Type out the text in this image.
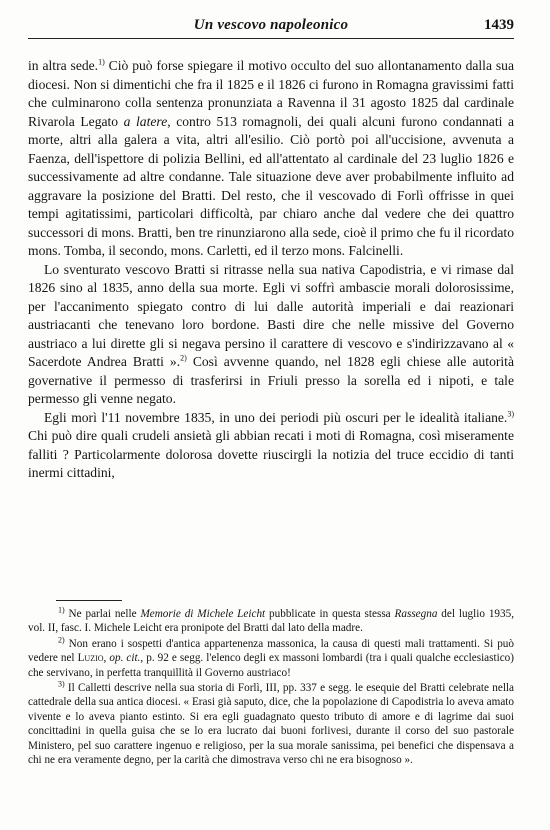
Un vescovo napoleonico	1439

in altra sede.$^{1)}$ Ciò può forse spiegare il motivo occulto del suo allontanamento dalla sua diocesi. Non si dimentichi che fra il 1825 e il 1826 ci furono in Romagna gravissimi fatti che culminarono colla sentenza pronunziata a Ravenna il 31 agosto 1825 dal cardinale Rivarola Legato a latere, contro 513 romagnoli, dei quali alcuni furono condannati a morte, altri alla galera a vita, altri all'esilio. Ciò portò poi all'uccisione, avvenuta a Faenza, dell'ispettore di polizia Bellini, ed all'attentato al cardinale del 23 luglio 1826 e successivamente ad altre condanne. Tale situazione deve aver probabilmente influito ad aggravare la posizione del Bratti. Del resto, che il vescovado di Forlì offrisse in quei tempi agitatissimi, particolari difficoltà, par chiaro anche dal vedere che dei quattro successori di mons. Bratti, ben tre rinunziarono alla sede, cioè il primo che fu il ricordato mons. Tomba, il secondo, mons. Carletti, ed il terzo mons. Falcinelli.

Lo sventurato vescovo Bratti si ritrasse nella sua nativa Capodistria, e vi rimase dal 1826 sino al 1835, anno della sua morte. Egli vi soffrì ambascie morali dolorosissime, per l'accanimento spiegato contro di lui dalle autorità imperiali e dai reazionari austriacanti che tenevano loro bordone. Basti dire che nelle missive del Governo austriaco a lui dirette gli si negava persino il carattere di vescovo e s'indirizzavano al « Sacerdote Andrea Bratti ».$^{2)}$ Così avvenne quando, nel 1828 egli chiese alle autorità governative il permesso di trasferirsi in Friuli presso la sorella ed i nipoti, e tale permesso gli venne negato.

Egli morì l'11 novembre 1835, in uno dei periodi più oscuri per le idealità italiane.$^{3)}$ Chi può dire quali crudeli ansietà gli abbian recati i moti di Romagna, così miseramente falliti ? Particolarmente dolorosa dovette riuscirgli la notizia del truce eccidio di tanti inermi cittadini,

$^{1)}$ Ne parlai nelle Memorie di Michele Leicht pubblicate in questa stessa Rassegna del luglio 1935, vol. II, fasc. I. Michele Leicht era pronipote del Bratti dal lato della madre.

$^{2)}$ Non erano i sospetti d'antica appartenenza massonica, la causa di questi mali trattamenti. Si può vedere nel Luzio, op. cit., p. 92 e segg. l'elenco degli ex massoni lombardi (tra i quali qualche ecclesiastico) che servivano, in perfetta tranquillità il Governo austriaco!

$^{3)}$ Il Calletti descrive nella sua storia di Forlì, III, pp. 337 e segg. le esequie del Bratti celebrate nella cattedrale della sua antica diocesi. « Erasi già saputo, dice, che la popolazione di Capodistria lo aveva amato vivente e lo aveva pianto estinto. Si era egli guadagnato questo tributo di amore e di lagrime dai suoi concittadini in quella guisa che se lo era lucrato dai buoni forlivesi, durante il corso del suo pastorale Ministero, pel suo carattere ingenuo e religioso, per la sua morale sanissima, pei benefici che dispensava a chi ne era veramente degno, per la carità che dimostrava verso chi ne era bisognoso ».
